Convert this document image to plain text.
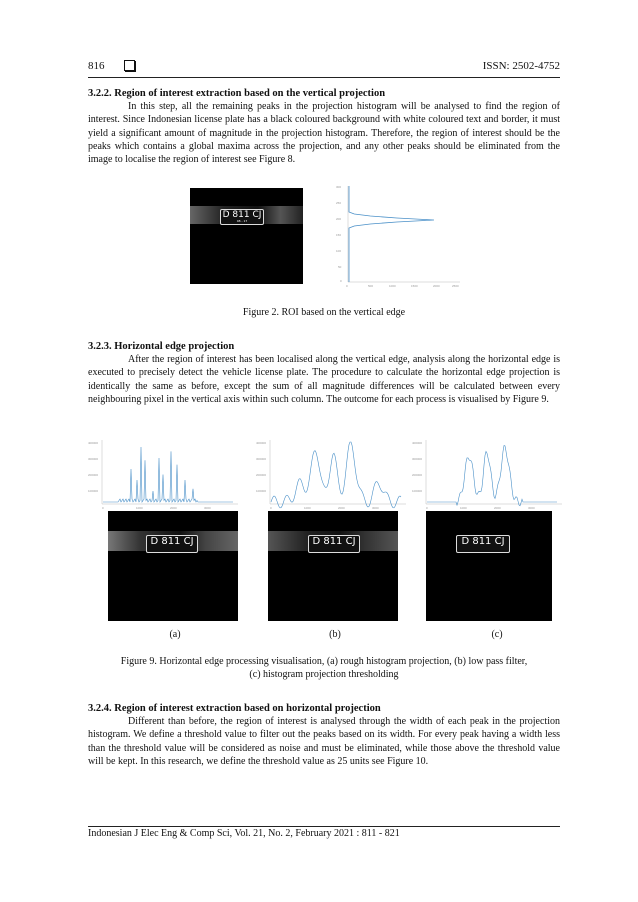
816	ISSN: 2502-4752
3.2.2. Region of interest extraction based on the vertical projection
In this step, all the remaining peaks in the projection histogram will be analysed to find the region of interest. Since Indonesian license plate has a black coloured background with white coloured text and border, it must yield a significant amount of magnitude in the projection histogram. Therefore, the region of interest should be the peaks which contains a global maxima across the projection, and any other peaks should be eliminated from the image to localise the region of interest see Figure 8.
D 811 CJ
08 - 17
300
250
200
150
100
50
0
0	500	1000	1500	2000	2500
Figure 2. ROI based on the vertical edge
3.2.3. Horizontal edge projection
After the region of interest has been localised along the vertical edge, analysis along the horizontal edge is executed to precisely detect the vehicle license plate. The procedure to calculate the horizontal edge projection is identically the same as before, except the sum of all magnitude differences will be calculated between every neighbouring pixel in the vertical axis within such column. The outcome for each process is visualised by Figure 9.
400000
300000
200000
100000
0	1000	2000	3000
400000
300000
200000
100000
0	1000	2000	3000
400000
300000
200000
100000
0	1000	2000	3000
D 811 CJ	D 811 CJ	D 811 CJ
(a)	(b)	(c)
Figure 9. Horizontal edge processing visualisation, (a) rough histogram projection, (b) low pass filter,
(c) histogram projection thresholding
3.2.4. Region of interest extraction based on horizontal projection
Different than before, the region of interest is analysed through the width of each peak in the projection histogram. We define a threshold value to filter out the peaks based on its width. For every peak having a width less than the threshold value will be considered as noise and must be eliminated, while those above the threshold value will be kept. In this research, we define the threshold value as 25 units see Figure 10.
Indonesian J Elec Eng & Comp Sci, Vol. 21, No. 2, February 2021 : 811 - 821
